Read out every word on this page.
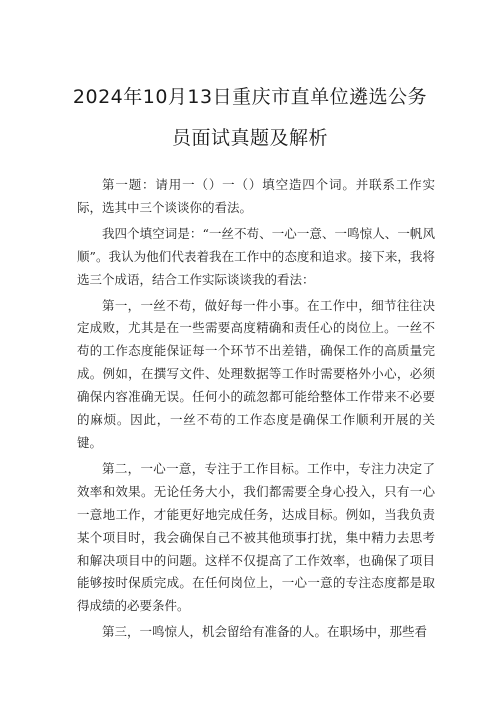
2024年10月13日重庆市直单位遴选公务
员面试真题及解析

第一题：请用一（）一（）填空造四个词。并联系工作实际，选其中三个谈谈你的看法。

我四个填空词是：“一丝不苟、一心一意、一鸣惊人、一帆风顺”。我认为他们代表着我在工作中的态度和追求。接下来，我将选三个成语，结合工作实际谈谈我的看法：

第一，一丝不苟，做好每一件小事。在工作中，细节往往决定成败，尤其是在一些需要高度精确和责任心的岗位上。一丝不苟的工作态度能保证每一个环节不出差错，确保工作的高质量完成。例如，在撰写文件、处理数据等工作时需要格外小心，必须确保内容准确无误。任何小的疏忽都可能给整体工作带来不必要的麻烦。因此，一丝不苟的工作态度是确保工作顺利开展的关键。

第二，一心一意，专注于工作目标。工作中，专注力决定了效率和效果。无论任务大小，我们都需要全身心投入，只有一心一意地工作，才能更好地完成任务，达成目标。例如，当我负责某个项目时，我会确保自己不被其他琐事打扰，集中精力去思考和解决项目中的问题。这样不仅提高了工作效率，也确保了项目能够按时保质完成。在任何岗位上，一心一意的专注态度都是取得成绩的必要条件。

第三，一鸣惊人，机会留给有准备的人。在职场中，那些看
